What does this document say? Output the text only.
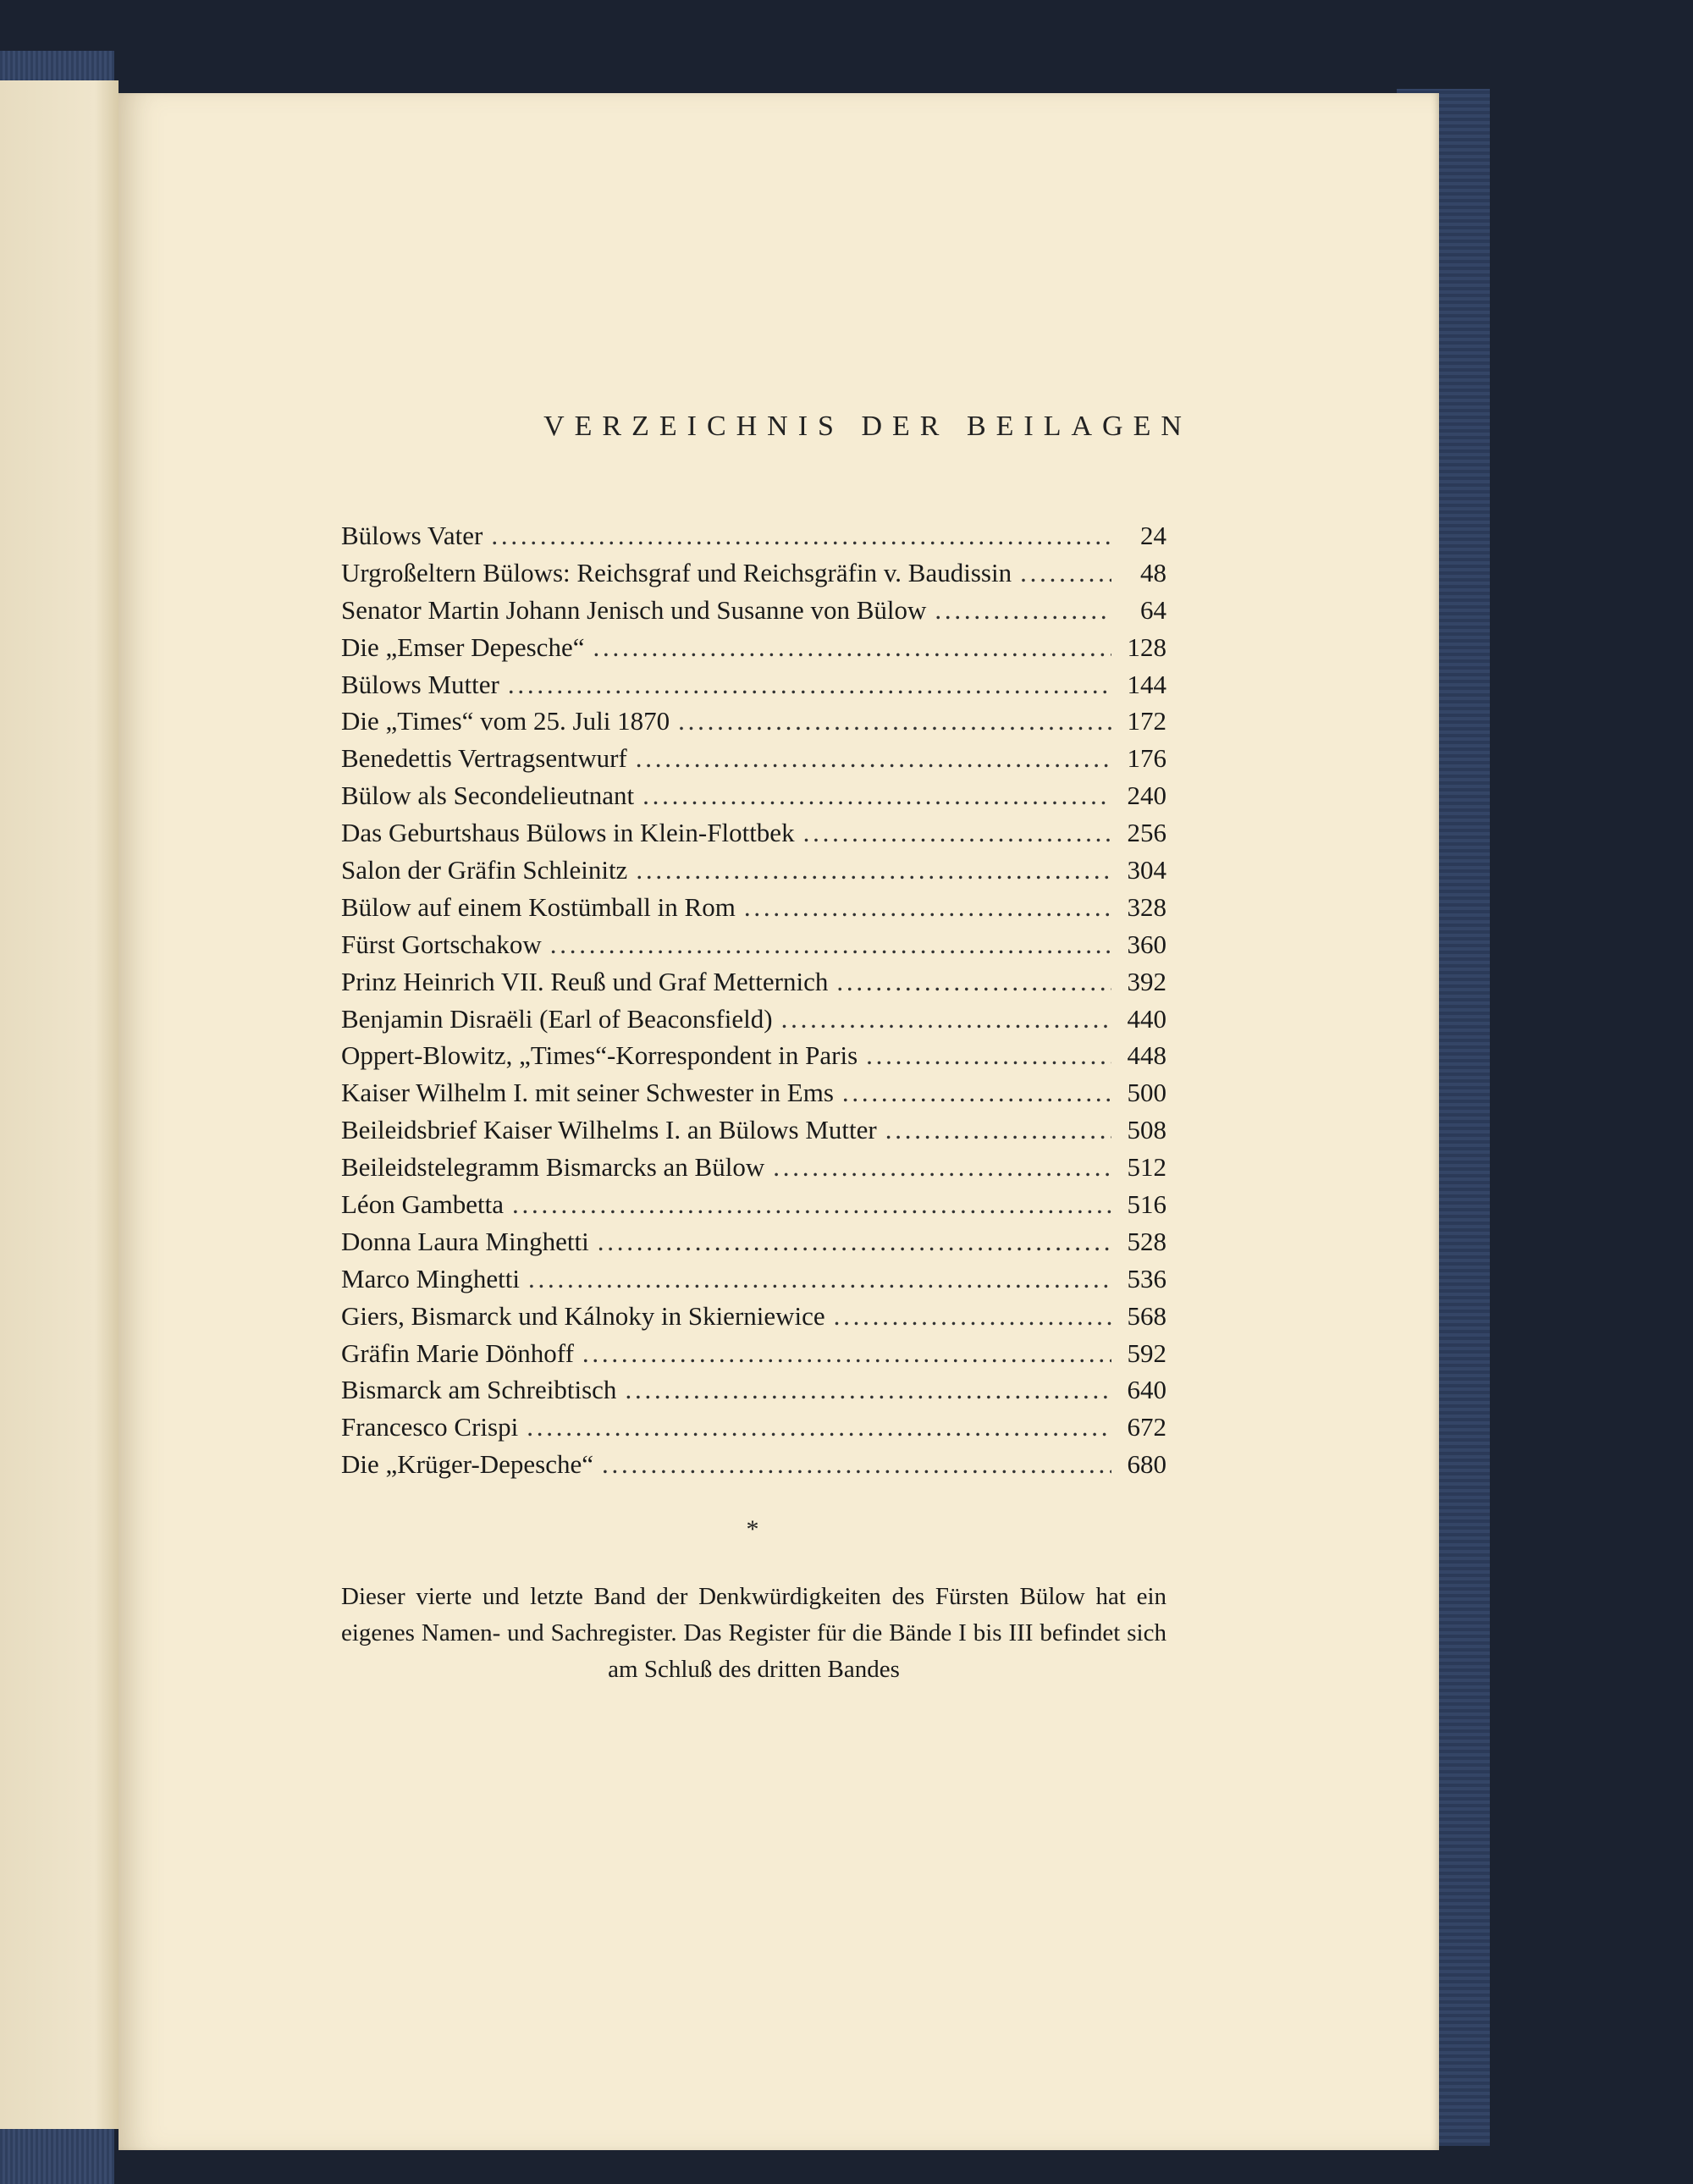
VERZEICHNIS DER BEILAGEN
Bülows Vater . . .	24
Urgroßeltern Bülows: Reichsgraf und Reichsgräfin v. Baudissin . . .	48
Senator Martin Johann Jenisch und Susanne von Bülow . . .	64
Die „Emser Depesche“ . . .	128
Bülows Mutter . . .	144
Die „Times“ vom 25. Juli 1870 . . .	172
Benedettis Vertragsentwurf . . .	176
Bülow als Secondelieutnant . . .	240
Das Geburtshaus Bülows in Klein-Flottbek . . .	256
Salon der Gräfin Schleinitz . . .	304
Bülow auf einem Kostümball in Rom . . .	328
Fürst Gortschakow . . .	360
Prinz Heinrich VII. Reuß und Graf Metternich . . .	392
Benjamin Disraëli (Earl of Beaconsfield) . . .	440
Oppert-Blowitz, „Times“-Korrespondent in Paris . . .	448
Kaiser Wilhelm I. mit seiner Schwester in Ems . . .	500
Beileidsbrief Kaiser Wilhelms I. an Bülows Mutter . . .	508
Beileidstelegramm Bismarcks an Bülow . . .	512
Léon Gambetta . . .	516
Donna Laura Minghetti . . .	528
Marco Minghetti . . .	536
Giers, Bismarck und Kálnoky in Skierniewice . . .	568
Gräfin Marie Dönhoff . . .	592
Bismarck am Schreibtisch . . .	640
Francesco Crispi . . .	672
Die „Krüger-Depesche“ . . .	680
*
Dieser vierte und letzte Band der Denkwürdigkeiten des Fürsten Bülow hat ein eigenes Namen- und Sachregister. Das Register für die Bände I bis III befindet sich am Schluß des dritten Bandes
